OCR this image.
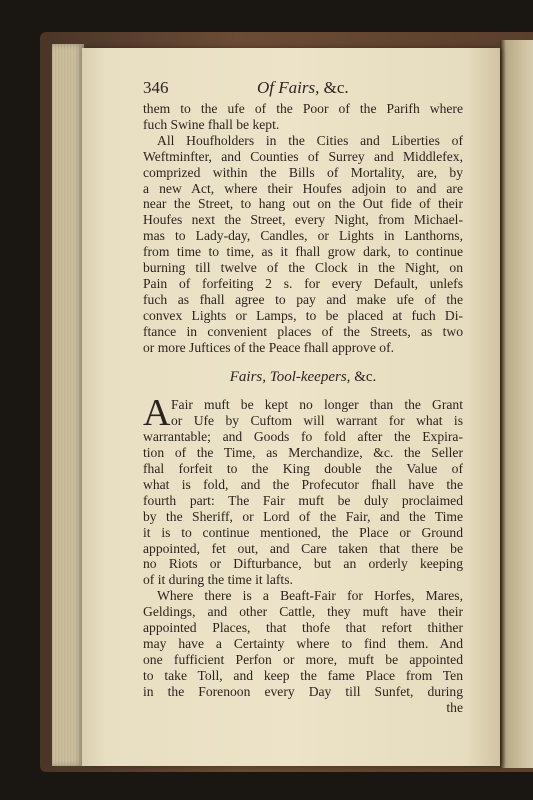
346	Of Fairs, &c.
them to the ufe of the Poor of the Parifh where
fuch Swine fhall be kept.
All Houfholders in the Cities and Liberties of
Weftminfter, and Counties of Surrey and Middlefex,
comprized within the Bills of Mortality, are, by
a new Act, where their Houfes adjoin to and are
near the Street, to hang out on the Out fide of their
Houfes next the Street, every Night, from Michael-
mas to Lady-day, Candles, or Lights in Lanthorns,
from time to time, as it fhall grow dark, to continue
burning till twelve of the Clock in the Night, on
Pain of forfeiting 2 s. for every Default, unlefs
fuch as fhall agree to pay and make ufe of the
convex Lights or Lamps, to be placed at fuch Di-
ftance in convenient places of the Streets, as two
or more Juftices of the Peace fhall approve of.
Fairs, Tool-keepers, &c.
A Fair muft be kept no longer than the Grant
or Ufe by Cuftom will warrant for what is
warrantable; and Goods fo fold after the Expira-
tion of the Time, as Merchandize, &c. the Seller
fhal forfeit to the King double the Value of
what is fold, and the Profecutor fhall have the
fourth part: The Fair muft be duly proclaimed
by the Sheriff, or Lord of the Fair, and the Time
it is to continue mentioned, the Place or Ground
appointed, fet out, and Care taken that there be
no Riots or Difturbance, but an orderly keeping
of it during the time it lafts.
Where there is a Beaft-Fair for Horfes, Mares,
Geldings, and other Cattle, they muft have their
appointed Places, that thofe that refort thither
may have a Certainty where to find them. And
one fufficient Perfon or more, muft be appointed
to take Toll, and keep the fame Place from Ten
in the Forenoon every Day till Sunfet, during
the
